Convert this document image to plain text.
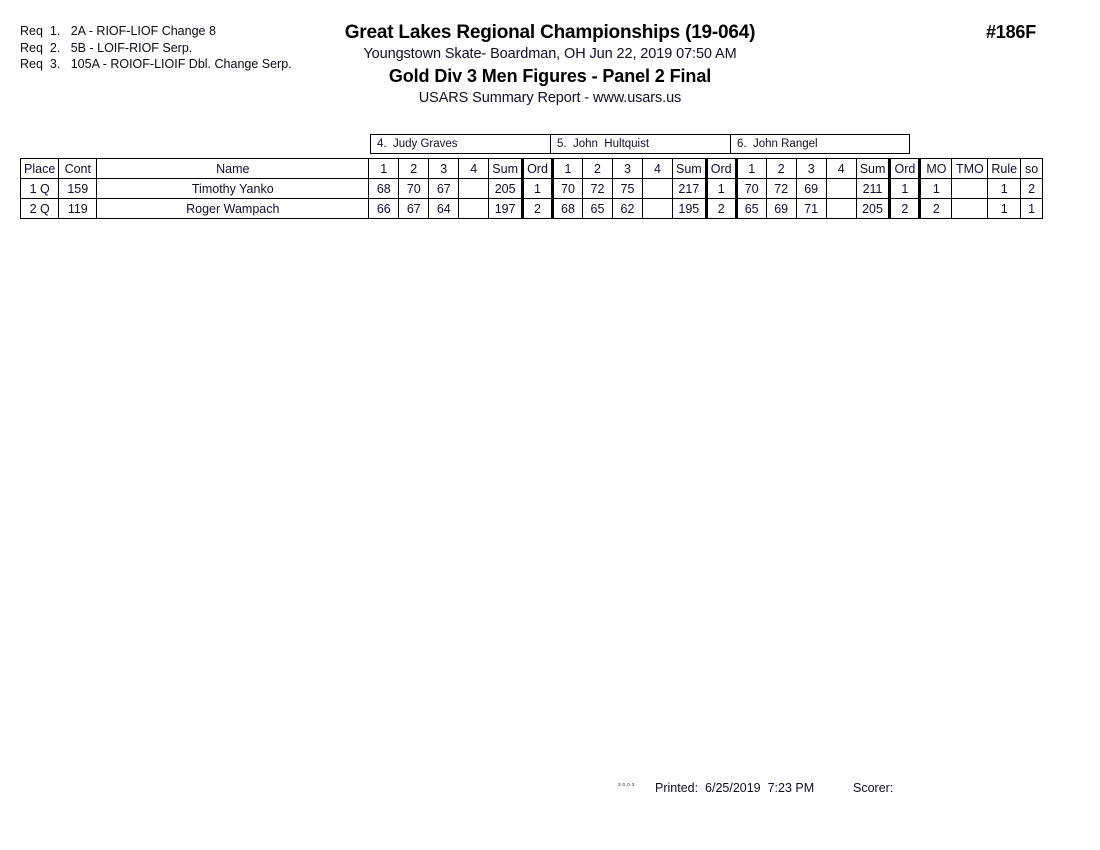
Req  1.   2A - RIOF-LIOF Change 8
Req  2.   5B - LOIF-RIOF Serp.
Req  3.   105A - ROIOF-LIOIF Dbl. Change Serp.
Great Lakes Regional Championships (19-064)
Youngstown Skate- Boardman, OH Jun 22, 2019 07:50 AM
Gold Div 3 Men Figures - Panel 2 Final
USARS Summary Report - www.usars.us
#186F
4.  Judy Graves	5.  John  Hultquist	6.  John Rangel
Place	Cont	Name	1	2	3	4	Sum	Ord	1	2	3	4	Sum	Ord	1	2	3	4	Sum	Ord	MO	TMO	Rule	so
1 Q	159	Timothy Yanko	68	70	67		205	1	70	72	75		217	1	70	72	69		211	1	1		1	2
2 Q	119	Roger Wampach	66	67	64		197	2	68	65	62		195	2	65	69	71		205	2	2		1	1
3.0.0.3 Printed:  6/25/2019  7:23 PM	Scorer:
